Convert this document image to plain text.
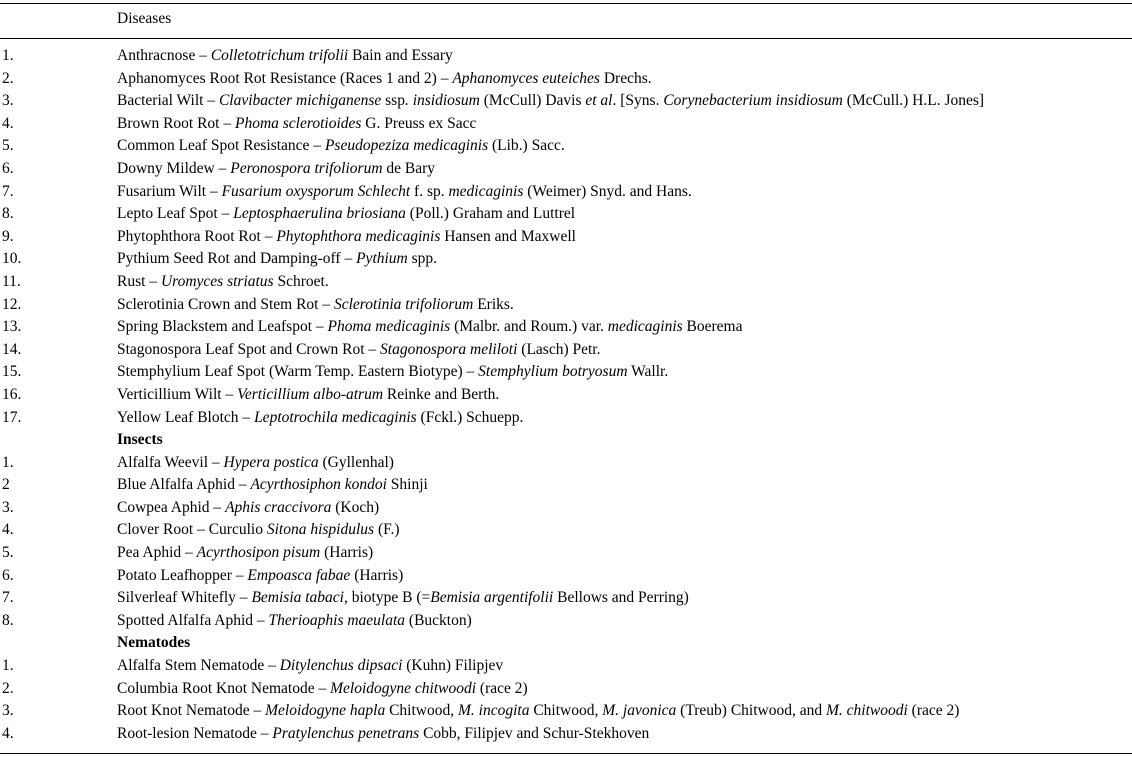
Diseases
1.	Anthracnose – Colletotrichum trifolii Bain and Essary
2.	Aphanomyces Root Rot Resistance (Races 1 and 2) – Aphanomyces euteiches Drechs.
3.	Bacterial Wilt – Clavibacter michiganense ssp. insidiosum (McCull) Davis et al. [Syns. Corynebacterium insidiosum (McCull.) H.L. Jones]
4.	Brown Root Rot – Phoma sclerotioides G. Preuss ex Sacc
5.	Common Leaf Spot Resistance – Pseudopeziza medicaginis (Lib.) Sacc.
6.	Downy Mildew – Peronospora trifoliorum de Bary
7.	Fusarium Wilt – Fusarium oxysporum Schlecht f. sp. medicaginis (Weimer) Snyd. and Hans.
8.	Lepto Leaf Spot – Leptosphaerulina briosiana (Poll.) Graham and Luttrel
9.	Phytophthora Root Rot – Phytophthora medicaginis Hansen and Maxwell
10.	Pythium Seed Rot and Damping-off – Pythium spp.
11.	Rust – Uromyces striatus Schroet.
12.	Sclerotinia Crown and Stem Rot – Sclerotinia trifoliorum Eriks.
13.	Spring Blackstem and Leafspot – Phoma medicaginis (Malbr. and Roum.) var. medicaginis Boerema
14.	Stagonospora Leaf Spot and Crown Rot – Stagonospora meliloti (Lasch) Petr.
15.	Stemphylium Leaf Spot (Warm Temp. Eastern Biotype) – Stemphylium botryosum Wallr.
16.	Verticillium Wilt – Verticillium albo-atrum Reinke and Berth.
17.	Yellow Leaf Blotch – Leptotrochila medicaginis (Fckl.) Schuepp.
Insects
1.	Alfalfa Weevil – Hypera postica (Gyllenhal)
2	Blue Alfalfa Aphid – Acyrthosiphon kondoi Shinji
3.	Cowpea Aphid – Aphis craccivora (Koch)
4.	Clover Root – Curculio Sitona hispidulus (F.)
5.	Pea Aphid – Acyrthosipon pisum (Harris)
6.	Potato Leafhopper – Empoasca fabae (Harris)
7.	Silverleaf Whitefly – Bemisia tabaci, biotype B (=Bemisia argentifolii Bellows and Perring)
8.	Spotted Alfalfa Aphid – Therioaphis maeulata (Buckton)
Nematodes
1.	Alfalfa Stem Nematode – Ditylenchus dipsaci (Kuhn) Filipjev
2.	Columbia Root Knot Nematode – Meloidogyne chitwoodi (race 2)
3.	Root Knot Nematode – Meloidogyne hapla Chitwood, M. incogita Chitwood, M. javonica (Treub) Chitwood, and M. chitwoodi (race 2)
4.	Root-lesion Nematode – Pratylenchus penetrans Cobb, Filipjev and Schur-Stekhoven
